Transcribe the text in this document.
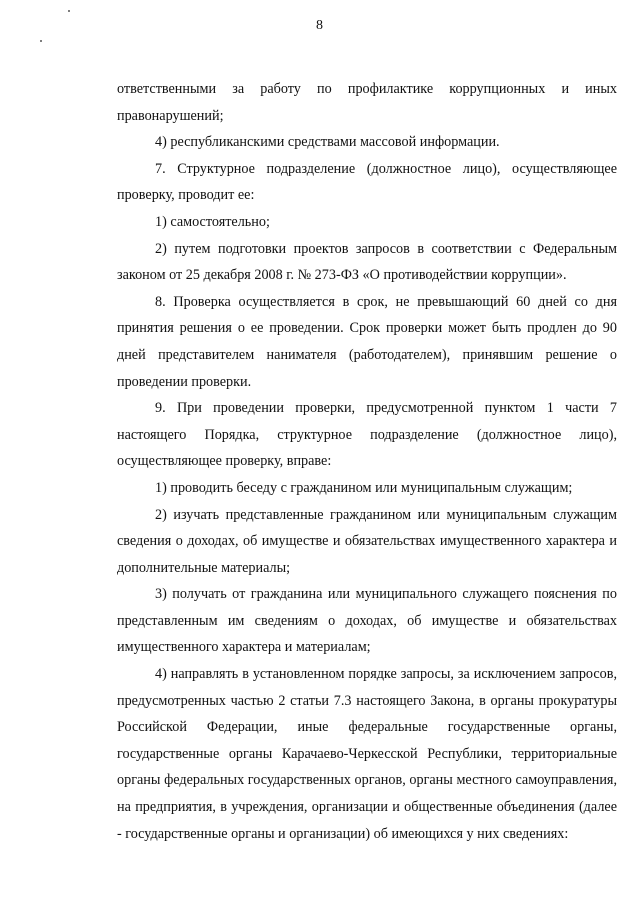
8

ответственными за работу по профилактике коррупционных и иных правонарушений;

4) республиканскими средствами массовой информации.

7. Структурное подразделение (должностное лицо), осуществляющее проверку, проводит ее:

1) самостоятельно;

2) путем подготовки проектов запросов в соответствии с Федеральным законом от 25 декабря 2008 г. № 273-ФЗ «О противодействии коррупции».

8. Проверка осуществляется в срок, не превышающий 60 дней со дня принятия решения о ее проведении. Срок проверки может быть продлен до 90 дней представителем нанимателя (работодателем), принявшим решение о проведении проверки.

9. При проведении проверки, предусмотренной пунктом 1 части 7 настоящего Порядка, структурное подразделение (должностное лицо), осуществляющее проверку, вправе:

1) проводить беседу с гражданином или муниципальным служащим;

2) изучать представленные гражданином или муниципальным служащим сведения о доходах, об имуществе и обязательствах имущественного характера и дополнительные материалы;

3) получать от гражданина или муниципального служащего пояснения по представленным им сведениям о доходах, об имуществе и обязательствах имущественного характера и материалам;

4) направлять в установленном порядке запросы, за исключением запросов, предусмотренных частью 2 статьи 7.3 настоящего Закона, в органы прокуратуры Российской Федерации, иные федеральные государственные органы, государственные органы Карачаево-Черкесской Республики, территориальные органы федеральных государственных органов, органы местного самоуправления, на предприятия, в учреждения, организации и общественные объединения (далее - государственные органы и организации) об имеющихся у них сведениях:
